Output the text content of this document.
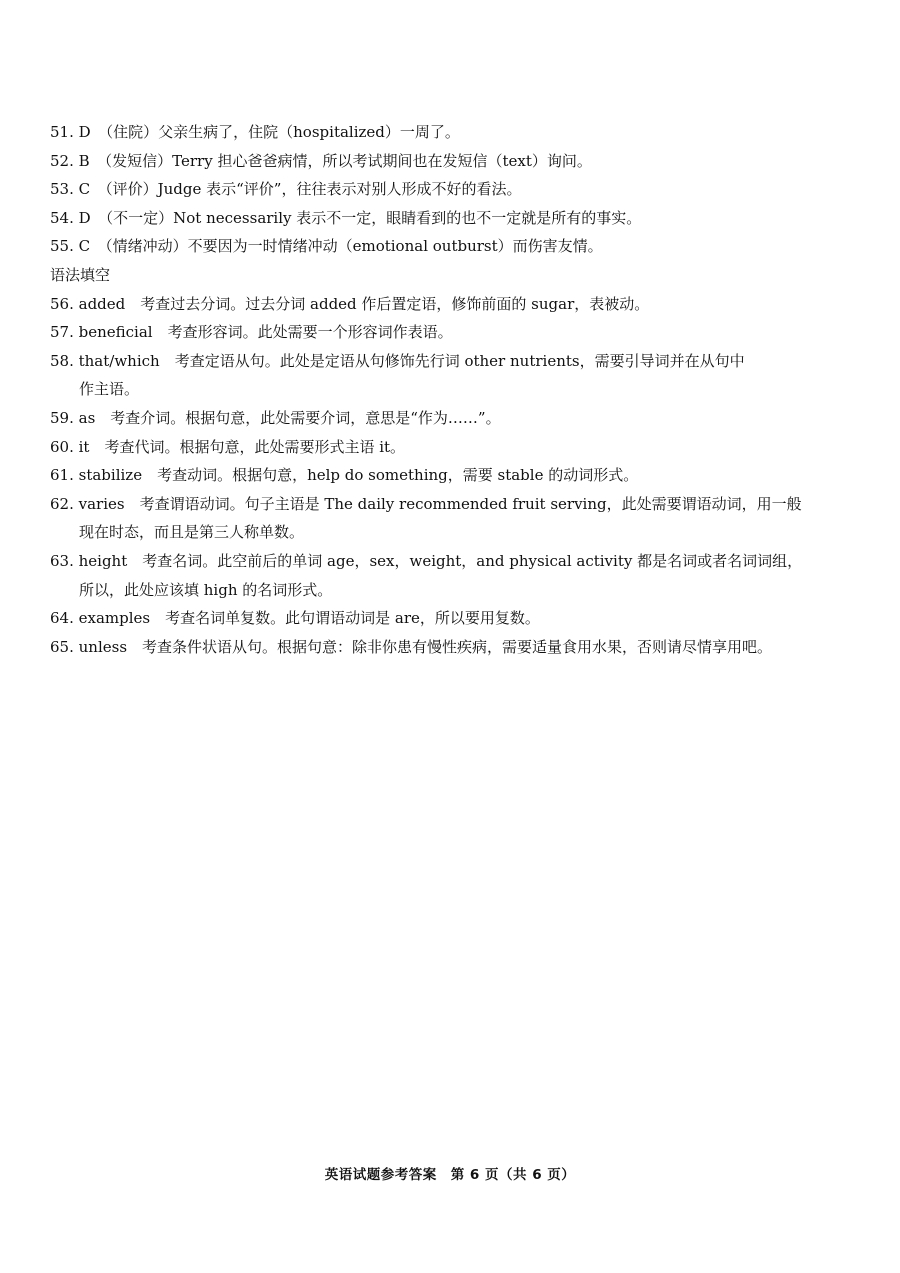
51. D　（住院）父亲生病了，住院（hospitalized）一周了。
52. B　（发短信）Terry 担心爸爸病情，所以考试期间也在发短信（text）询问。
53. C　（评价）Judge 表示“评价”，往往表示对别人形成不好的看法。
54. D　（不一定）Not necessarily 表示不一定，眼睛看到的也不一定就是所有的事实。
55. C　（情绪冲动）不要因为一时情绪冲动（emotional outburst）而伤害友情。
语法填空
56. added　考查过去分词。过去分词 added 作后置定语，修饰前面的 sugar，表被动。
57. beneficial　考查形容词。此处需要一个形容词作表语。
58. that/which　考查定语从句。此处是定语从句修饰先行词 other nutrients，需要引导词并在从句中
作主语。
59. as　考查介词。根据句意，此处需要介词，意思是“作为……”。
60. it　考查代词。根据句意，此处需要形式主语 it。
61. stabilize　考查动词。根据句意，help do something，需要 stable 的动词形式。
62. varies　考查谓语动词。句子主语是 The daily recommended fruit serving，此处需要谓语动词，用一般
现在时态，而且是第三人称单数。
63. height　考查名词。此空前后的单词 age，sex，weight，and physical activity 都是名词或者名词词组，
所以，此处应该填 high 的名词形式。
64. examples　考查名词单复数。此句谓语动词是 are，所以要用复数。
65. unless　考查条件状语从句。根据句意：除非你患有慢性疾病，需要适量食用水果，否则请尽情享用吧。
英语试题参考答案　第 6 页（共 6 页）
